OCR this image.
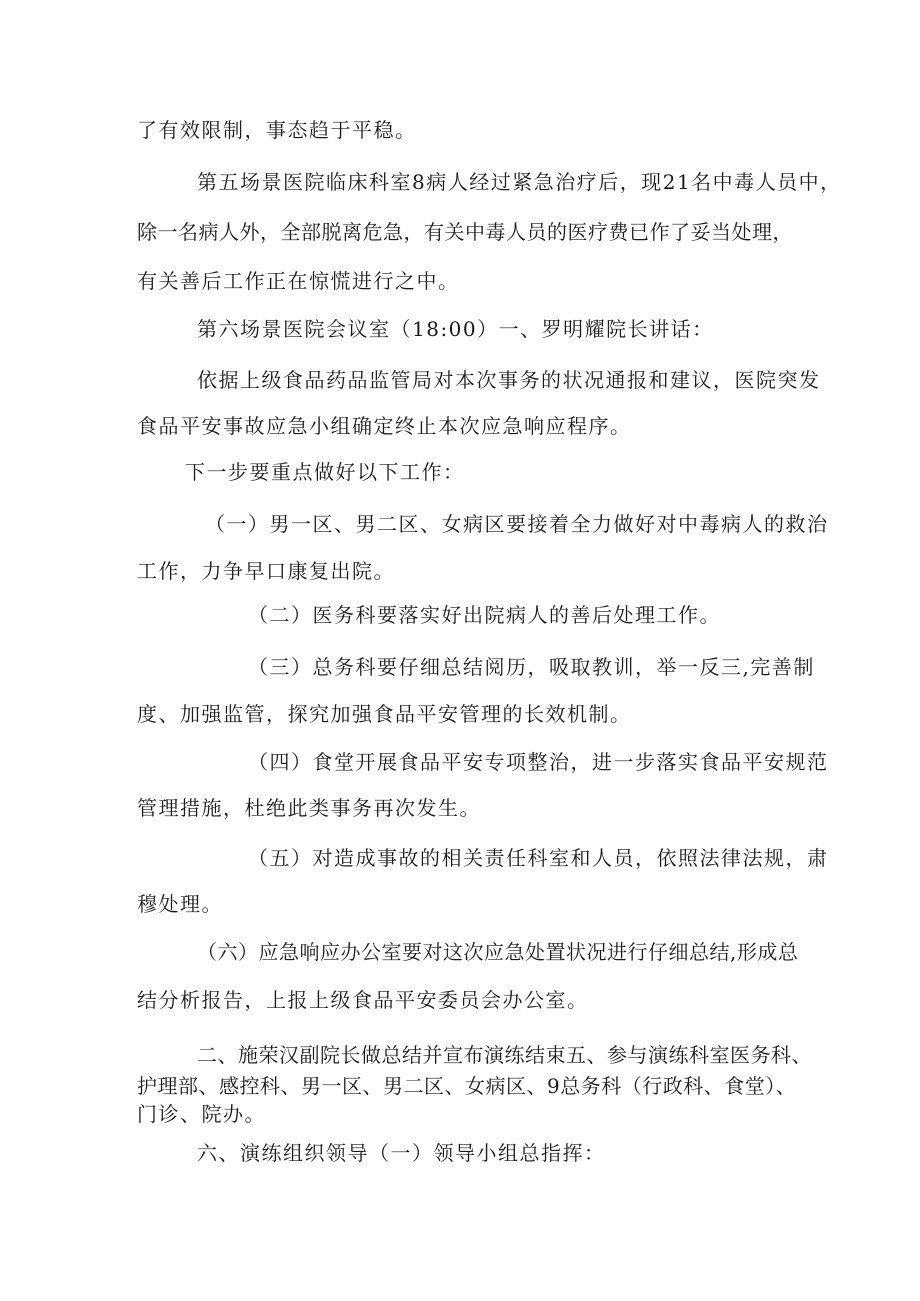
了有效限制，事态趋于平稳。
第五场景医院临床科室8病人经过紧急治疗后，现21名中毒人员中，
除一名病人外，全部脱离危急，有关中毒人员的医疗费已作了妥当处理，
有关善后工作正在惊慌进行之中。
第六场景医院会议室（18:00）一、罗明耀院长讲话：
依据上级食品药品监管局对本次事务的状况通报和建议，医院突发
食品平安事故应急小组确定终止本次应急响应程序。
下一步要重点做好以下工作：
（一）男一区、男二区、女病区要接着全力做好对中毒病人的救治
工作，力争早口康复出院。
（二）医务科要落实好出院病人的善后处理工作。
（三）总务科要仔细总结阅历，吸取教训，举一反三,完善制
度、加强监管，探究加强食品平安管理的长效机制。
（四）食堂开展食品平安专项整治，进一步落实食品平安规范
管理措施，杜绝此类事务再次发生。
（五）对造成事故的相关责任科室和人员，依照法律法规，肃
穆处理。
（六）应急响应办公室要对这次应急处置状况进行仔细总结,形成总
结分析报告，上报上级食品平安委员会办公室。
二、施荣汉副院长做总结并宣布演练结束五、参与演练科室医务科、
护理部、感控科、男一区、男二区、女病区、9总务科（行政科、食堂）、
门诊、院办。
六、演练组织领导（一）领导小组总指挥：
